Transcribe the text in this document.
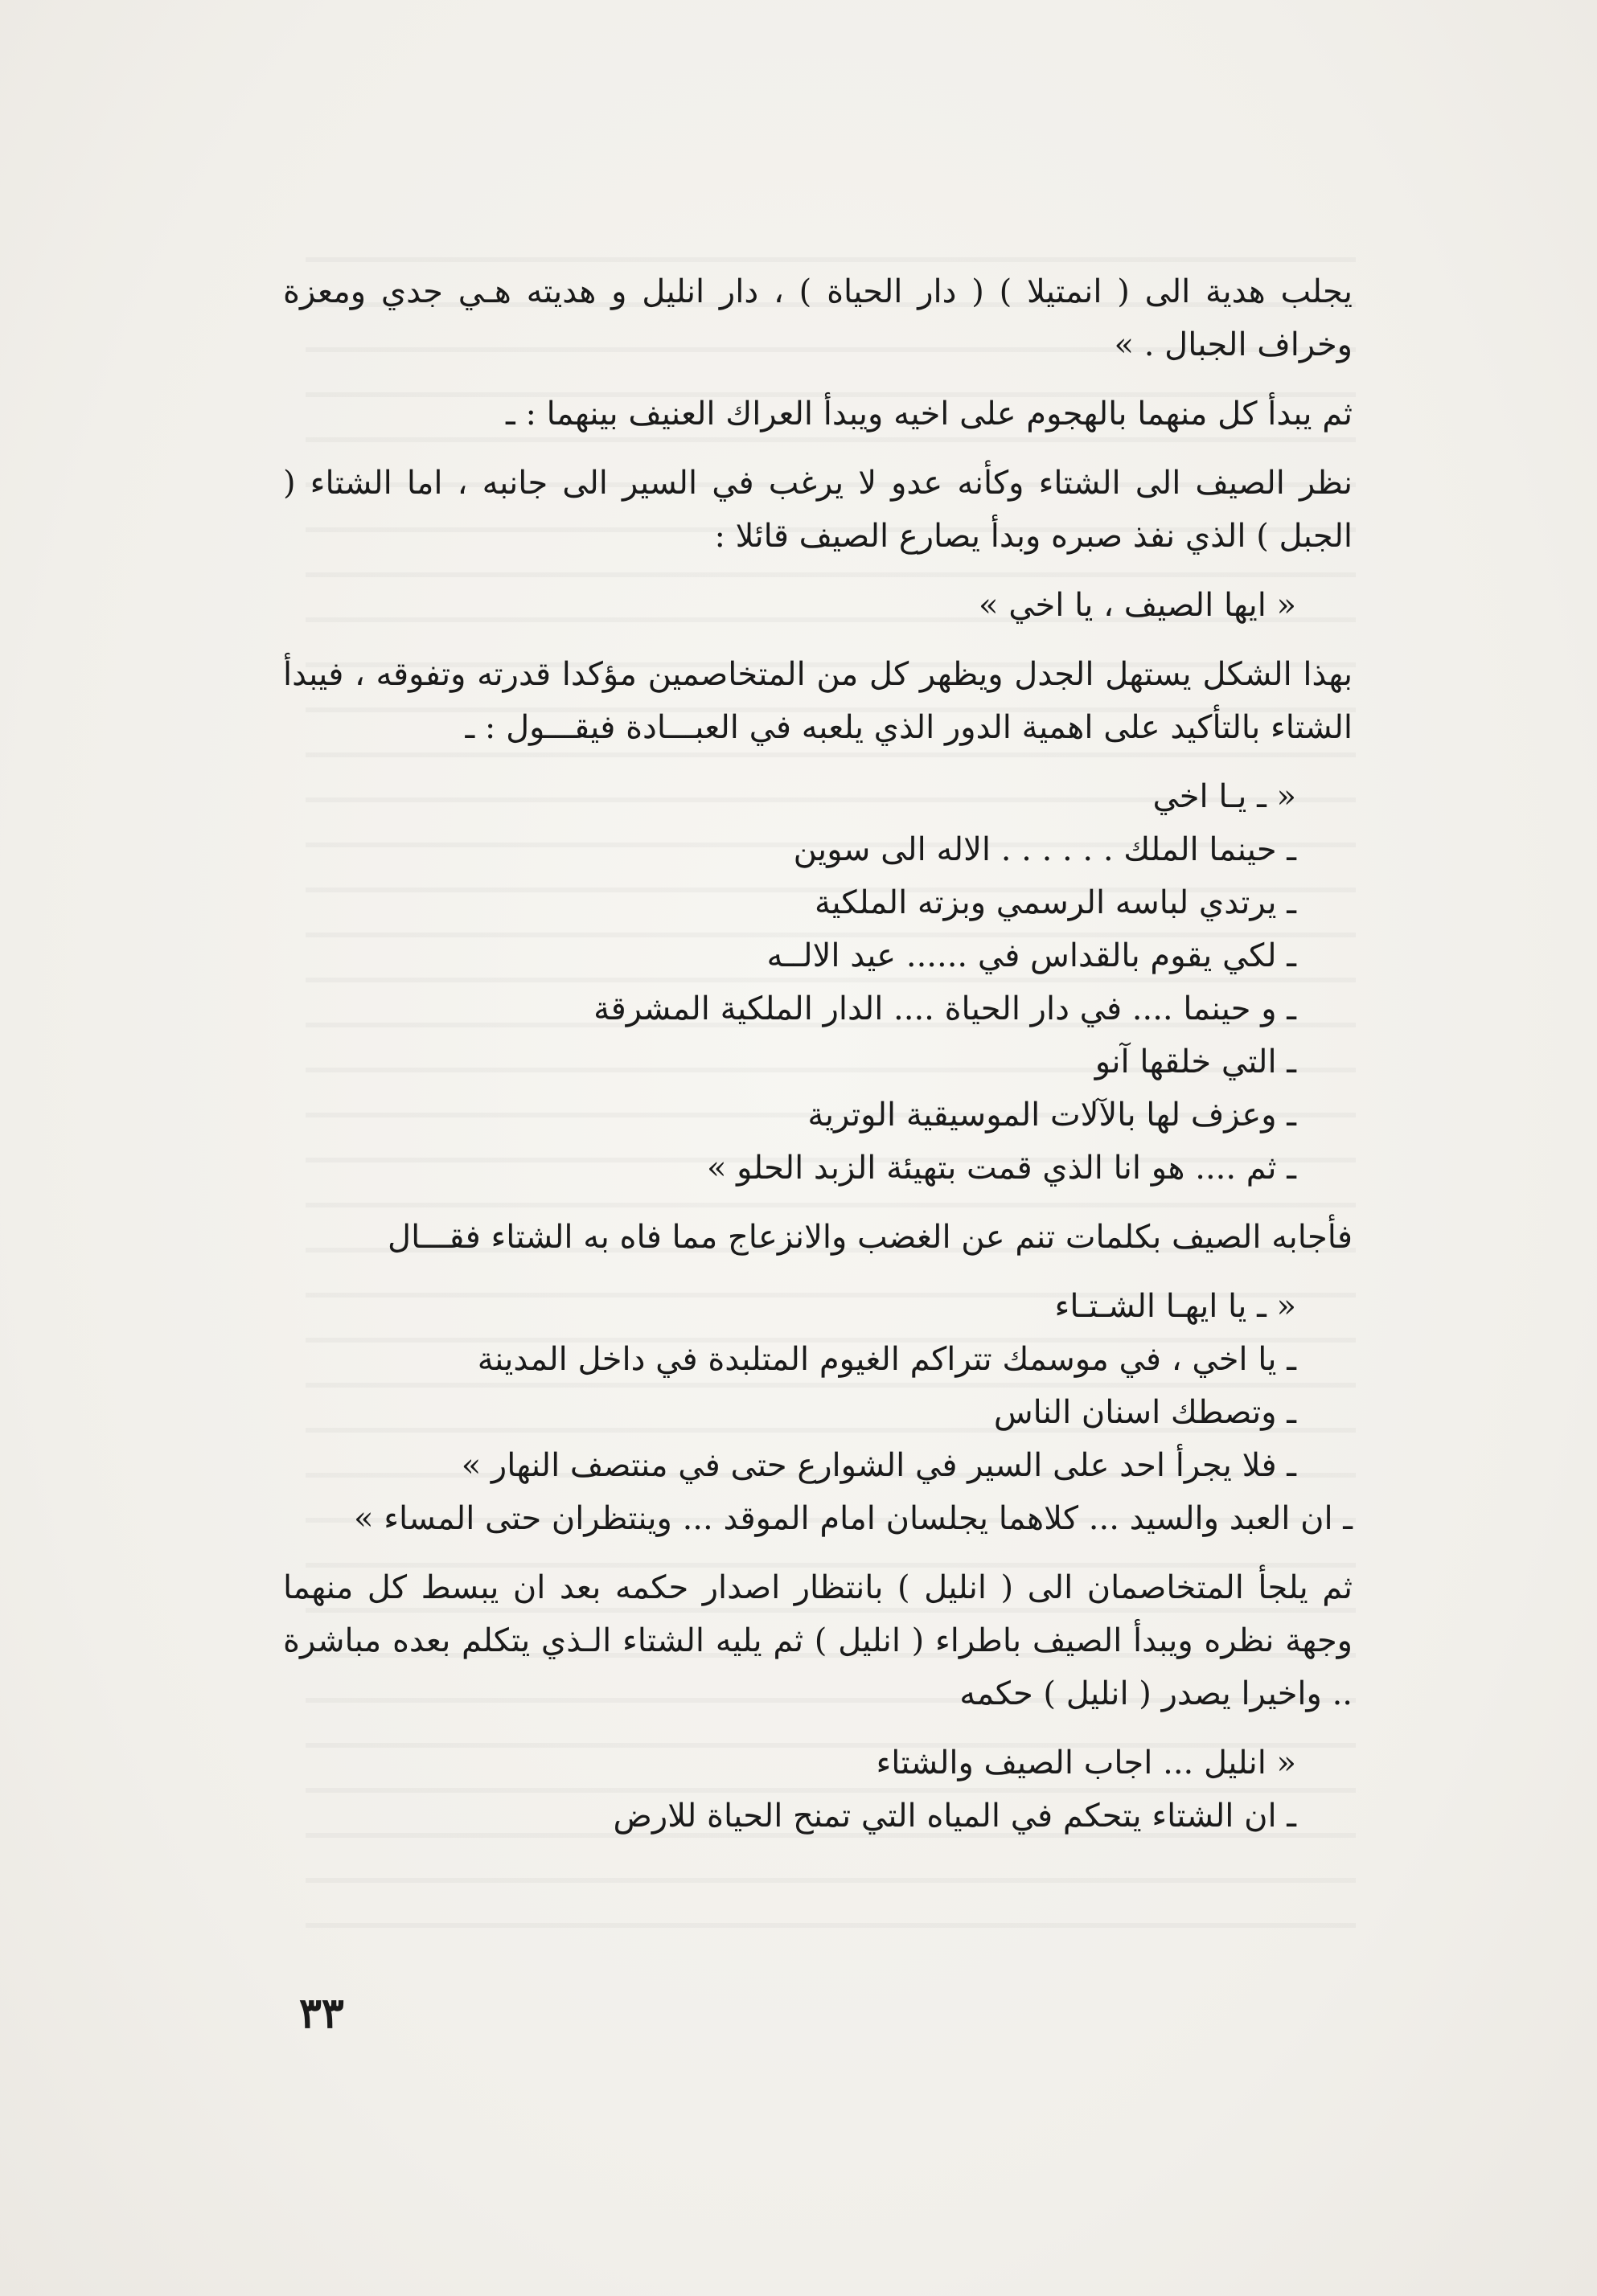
يجلب هدية الى ( انمتيلا ) ( دار الحياة ) ، دار انليل و هديته هـي جدي ومعزة وخراف الجبال . »

ثم يبدأ كل منهما بالهجوم على اخيه ويبدأ العراك العنيف بينهما : ـ

نظر الصيف الى الشتاء وكأنه عدو لا يرغب في السير الى جانبه ، اما الشتاء ( الجبل ) الذي نفذ صبره وبدأ يصارع الصيف قائلا :

« ايها الصيف ، يا اخي »

بهذا الشكل يستهل الجدل ويظهر كل من المتخاصمين مؤكدا قدرته وتفوقه ، فيبدأ الشتاء بالتأكيد على اهمية الدور الذي يلعبه في العبـــادة فيقـــول : ـ

« ـ يـا اخي

ـ حينما الملك . . . . . . الاله الى سوين

ـ يرتدي لباسه الرسمي وبزته الملكية

ـ لكي يقوم بالقداس في ...... عيد الالــه

ـ و حينما .... في دار الحياة .... الدار الملكية المشرقة

ـ التي خلقها آنو

ـ وعزف لها بالآلات الموسيقية الوترية

ـ ثم .... هو انا الذي قمت بتهيئة الزبد الحلو »

فأجابه الصيف بكلمات تنم عن الغضب والانزعاج مما فاه به الشتاء فقـــال

« ـ يا ايهـا الشـتـاء

ـ يا اخي ، في موسمك تتراكم الغيوم المتلبدة في داخل المدينة

ـ وتصطك اسنان الناس

ـ فلا يجرأ احد على السير في الشوارع حتى في منتصف النهار »

ـ ان العبد والسيد ... كلاهما يجلسان امام الموقد ... وينتظران حتى المساء »

ثم يلجأ المتخاصمان الى ( انليل ) بانتظار اصدار حكمه بعد ان يبسط كل منهما وجهة نظره ويبدأ الصيف باطراء ( انليل ) ثم يليه الشتاء الـذي يتكلم بعده مباشرة .. واخيرا يصدر ( انليل ) حكمه

« انليل ... اجاب الصيف والشتاء

ـ ان الشتاء يتحكم في المياه التي تمنح الحياة للارض

٣٣
